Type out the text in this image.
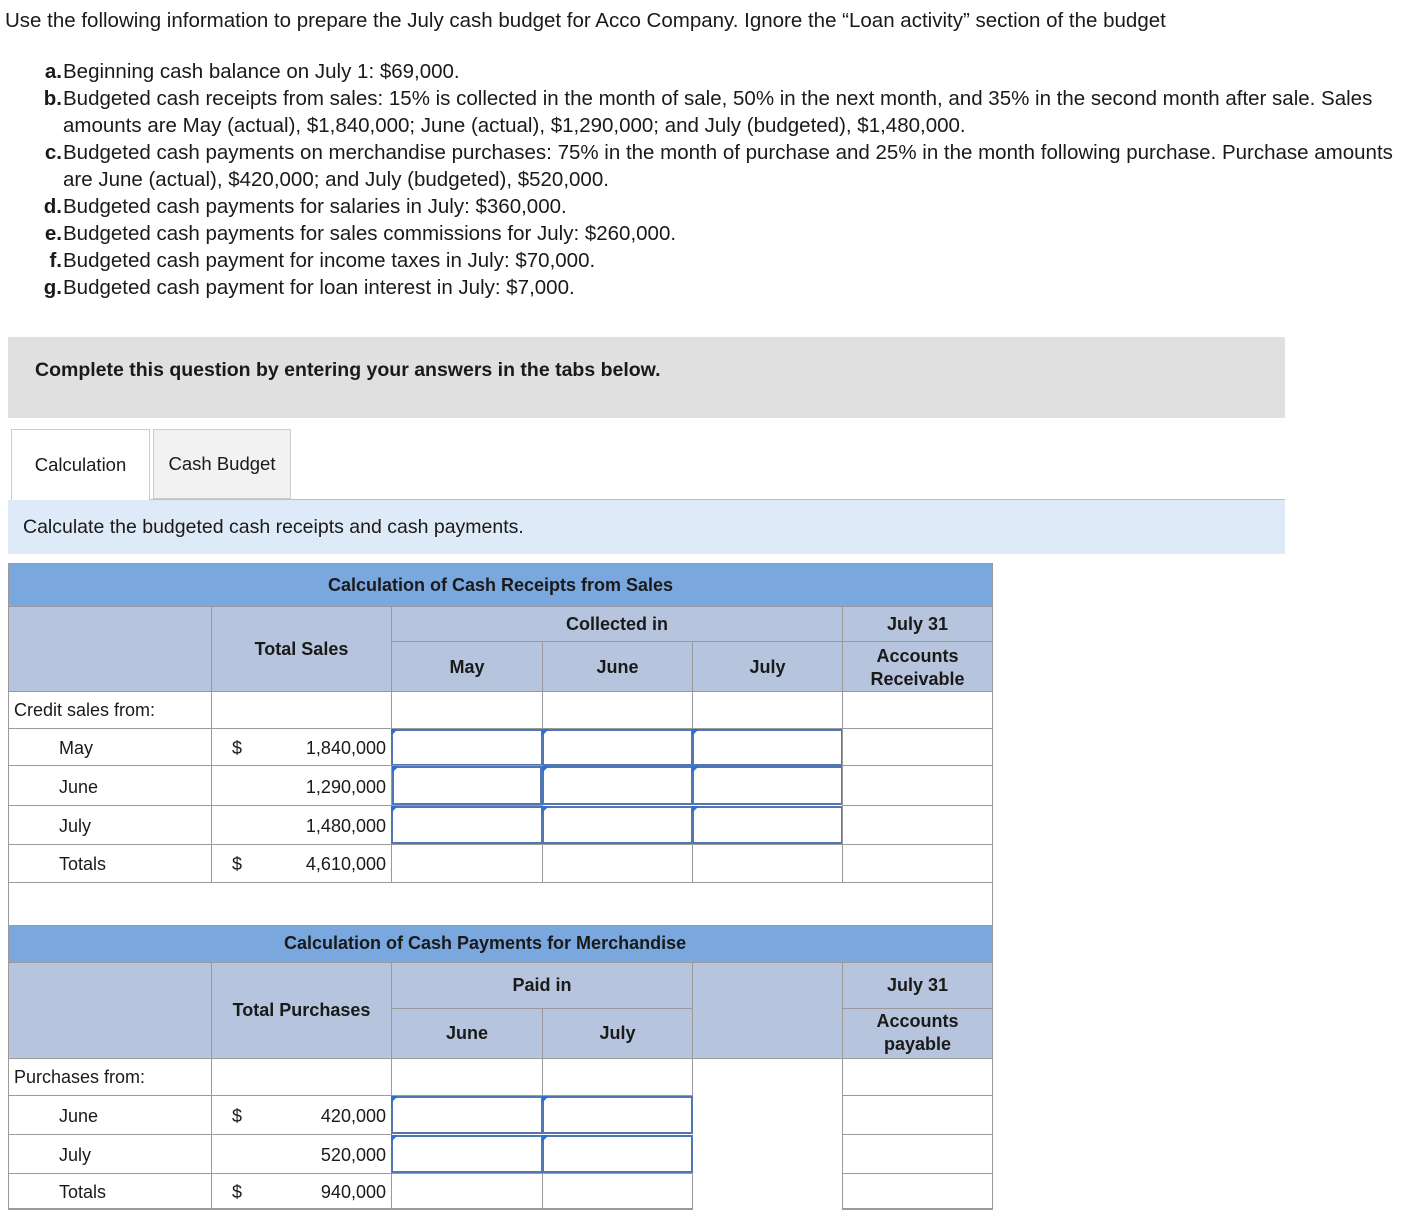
Use the following information to prepare the July cash budget for Acco Company. Ignore the “Loan activity” section of the budget
a. Beginning cash balance on July 1: $69,000.
b. Budgeted cash receipts from sales: 15% is collected in the month of sale, 50% in the next month, and 35% in the second month after sale. Sales amounts are May (actual), $1,840,000; June (actual), $1,290,000; and July (budgeted), $1,480,000.
c. Budgeted cash payments on merchandise purchases: 75% in the month of purchase and 25% in the month following purchase. Purchase amounts are June (actual), $420,000; and July (budgeted), $520,000.
d. Budgeted cash payments for salaries in July: $360,000.
e. Budgeted cash payments for sales commissions for July: $260,000.
f. Budgeted cash payment for income taxes in July: $70,000.
g. Budgeted cash payment for loan interest in July: $7,000.
Complete this question by entering your answers in the tabs below.
Calculation	Cash Budget
Calculate the budgeted cash receipts and cash payments.
Calculation of Cash Receipts from Sales
Total Sales
Collected in
May	June	July
July 31
Accounts
Receivable
Credit sales from:
May	$	1,840,000
June	1,290,000
July	1,480,000
Totals	$	4,610,000
Calculation of Cash Payments for Merchandise
Total Purchases
Paid in
June	July
July 31
Accounts
payable
Purchases from:
June	$	420,000
July	520,000
Totals	$	940,000
